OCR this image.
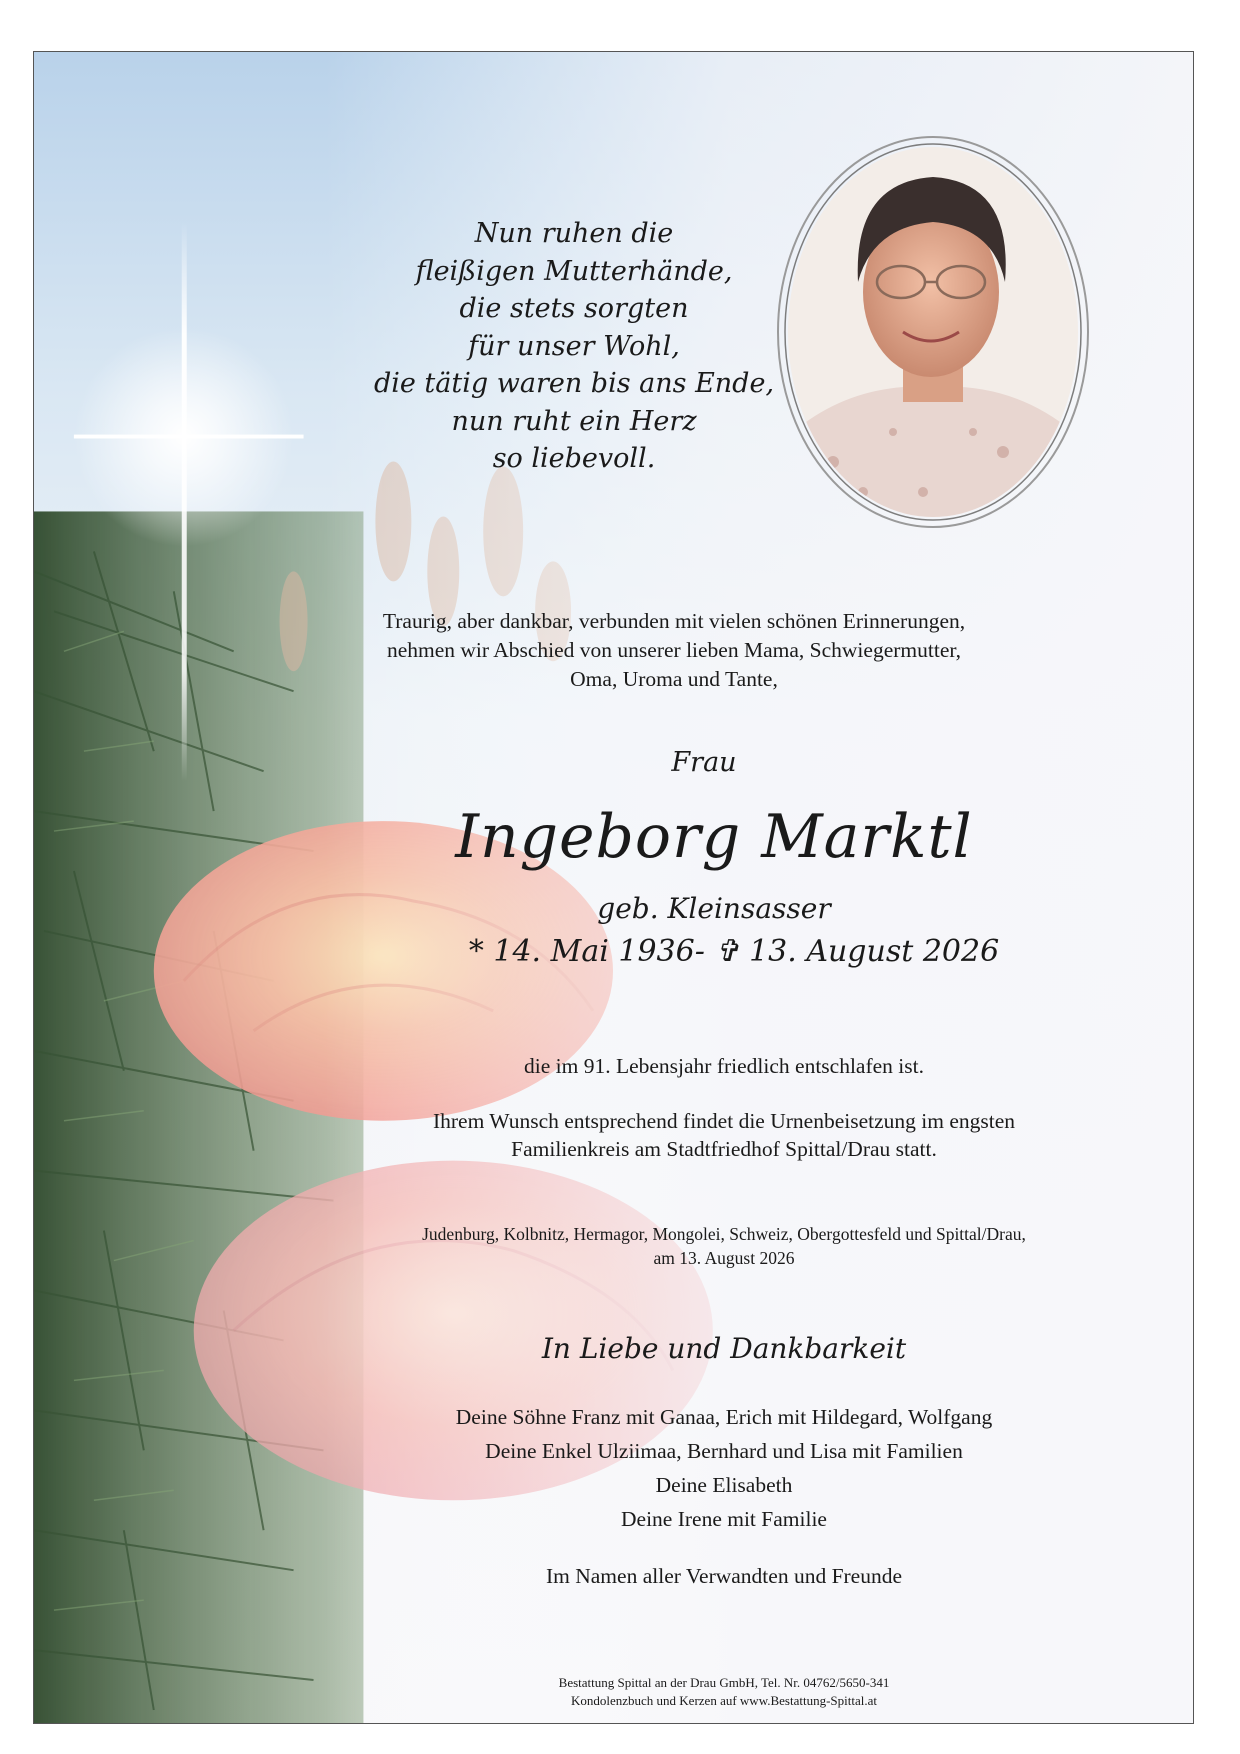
Nun ruhen die
fleißigen Mutterhände,
die stets sorgten
für unser Wohl,
die tätig waren bis ans Ende,
nun ruht ein Herz
so liebevoll.
Traurig, aber dankbar, verbunden mit vielen schönen Erinnerungen,
nehmen wir Abschied von unserer lieben Mama, Schwiegermutter,
Oma, Uroma und Tante,
Frau
Ingeborg Marktl
geb. Kleinsasser
* 14. Mai 1936- ✞ 13. August 2026
die im 91. Lebensjahr friedlich entschlafen ist.
Ihrem Wunsch entsprechend findet die Urnenbeisetzung im engsten
Familienkreis am Stadtfriedhof Spittal/Drau statt.
Judenburg, Kolbnitz, Hermagor, Mongolei, Schweiz, Obergottesfeld und Spittal/Drau,
am 13. August 2026
In Liebe und Dankbarkeit
Deine Söhne Franz mit Ganaa, Erich mit Hildegard, Wolfgang
Deine Enkel Ulziimaa, Bernhard und Lisa mit Familien
Deine Elisabeth
Deine Irene mit Familie
Im Namen aller Verwandten und Freunde
Bestattung Spittal an der Drau GmbH, Tel. Nr. 04762/5650-341
Kondolenzbuch und Kerzen auf www.Bestattung-Spittal.at
